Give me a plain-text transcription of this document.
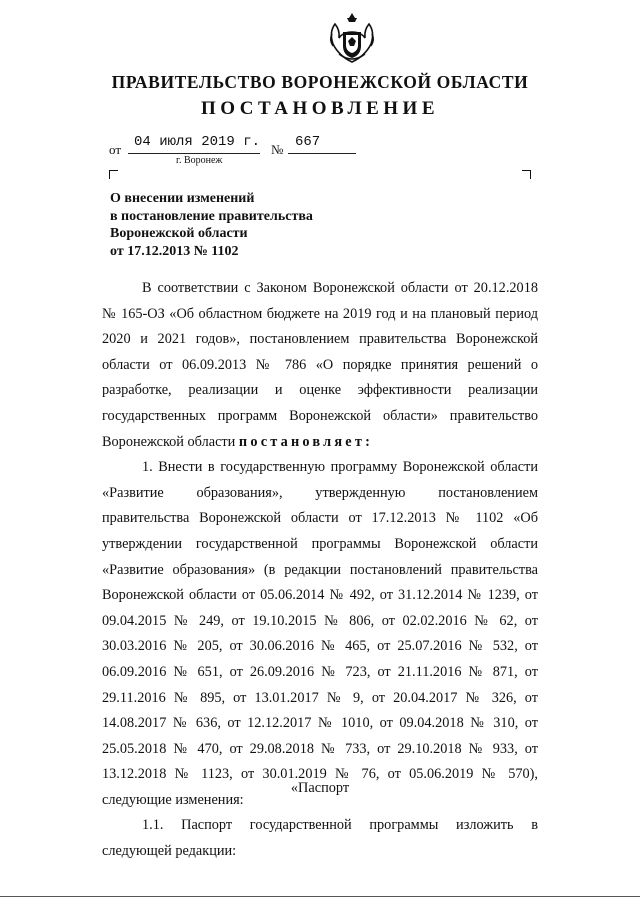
ПРАВИТЕЛЬСТВО ВОРОНЕЖСКОЙ ОБЛАСТИ
ПОСТАНОВЛЕНИЕ
от 04 июля 2019 г. № 667
г. Воронеж
О внесении изменений
в постановление правительства
Воронежской области
от 17.12.2013 № 1102

В соответствии с Законом Воронежской области от 20.12.2018 № 165-ОЗ «Об областном бюджете на 2019 год и на плановый период 2020 и 2021 годов», постановлением правительства Воронежской области от 06.09.2013 № 786 «О порядке принятия решений о разработке, реализации и оценке эффективности реализации государственных программ Воронежской области» правительство Воронежской области постановляет:

1. Внести в государственную программу Воронежской области «Развитие образования», утвержденную постановлением правительства Воронежской области от 17.12.2013 № 1102 «Об утверждении государственной программы Воронежской области «Развитие образования» (в редакции постановлений правительства Воронежской области от 05.06.2014 № 492, от 31.12.2014 № 1239, от 09.04.2015 № 249, от 19.10.2015 № 806, от 02.02.2016 № 62, от 30.03.2016 № 205, от 30.06.2016 № 465, от 25.07.2016 № 532, от 06.09.2016 № 651, от 26.09.2016 № 723, от 21.11.2016 № 871, от 29.11.2016 № 895, от 13.01.2017 № 9, от 20.04.2017 № 326, от 14.08.2017 № 636, от 12.12.2017 № 1010, от 09.04.2018 № 310, от 25.05.2018 № 470, от 29.08.2018 № 733, от 29.10.2018 № 933, от 13.12.2018 № 1123, от 30.01.2019 № 76, от 05.06.2019 № 570), следующие изменения:

1.1. Паспорт государственной программы изложить в следующей редакции:

«Паспорт
